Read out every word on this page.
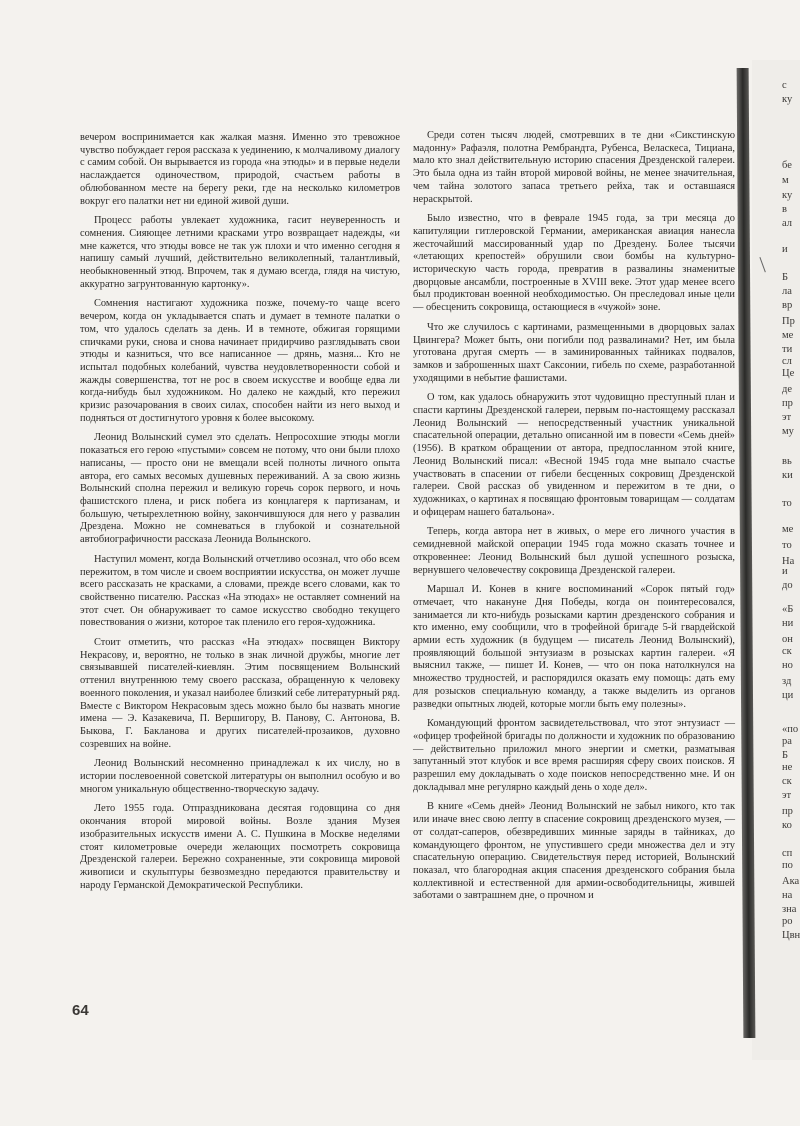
вечером воспринимается как жалкая мазня. Именно это тревожное чувство побуждает героя рассказа к уединению, к молчаливому диалогу с самим собой. Он вырывается из города «на этюды» и в первые недели наслаждается одиночеством, природой, счастьем работы в облюбованном месте на берегу реки, где на несколько километров вокруг его палатки нет ни единой живой души.

Процесс работы увлекает художника, гасит неуверенность и сомнения. Сияющее летними красками утро возвращает надежды, «и мне кажется, что этюды вовсе не так уж плохи и что именно сегодня я напишу самый лучший, действительно великолепный, талантливый, необыкновенный этюд. Впрочем, так я думаю всегда, глядя на чистую, аккуратно загрунтованную картонку».

Сомнения настигают художника позже, почему-то чаще всего вечером, когда он укладывается спать и думает в темноте палатки о том, что удалось сделать за день. И в темноте, обжигая горящими спичками руки, снова и снова начинает придирчиво разглядывать свои этюды и казниться, что все написанное — дрянь, мазня... Кто не испытал подобных колебаний, чувства неудовлетворенности собой и жажды совершенства, тот не рос в своем искусстве и вообще едва ли когда-нибудь был художником. Но далеко не каждый, кто пережил кризис разочарования в своих силах, способен найти из него выход и подняться от достигнутого уровня к более высокому.

Леонид Волынский сумел это сделать. Непросохшие этюды могли показаться его герою «пустыми» совсем не потому, что они были плохо написаны, — просто они не вмещали всей полноты личного опыта автора, его самых весомых душевных переживаний. А за свою жизнь Волынский сполна пережил и великую горечь сорок первого, и ночь фашистского плена, и риск побега из концлагеря к партизанам, и большую, четырехлетнюю войну, закончившуюся для него у развалин Дрездена. Можно не сомневаться в глубокой и сознательной автобиографичности рассказа Леонида Волынского.

Наступил момент, когда Волынский отчетливо осознал, что обо всем пережитом, в том числе и своем восприятии искусства, он может лучше всего рассказать не красками, а словами, прежде всего словами, как то свойственно писателю. Рассказ «На этюдах» не оставляет сомнений на этот счет. Он обнаруживает то самое искусство свободно текущего повествования о жизни, которое так пленило его героя-художника.

Стоит отметить, что рассказ «На этюдах» посвящен Виктору Некрасову, и, вероятно, не только в знак личной дружбы, многие лет связывавшей писателей-киевлян. Этим посвящением Волынский оттенил внутреннюю тему своего рассказа, обращенную к человеку военного поколения, и указал наиболее близкий себе литературный ряд. Вместе с Виктором Некрасовым здесь можно было бы назвать многие имена — Э. Казакевича, П. Вершигору, В. Панову, С. Антонова, В. Быкова, Г. Бакланова и других писателей-прозаиков, духовно созревших на войне.

Леонид Волынский несомненно принадлежал к их числу, но в истории послевоенной советской литературы он выполнил особую и во многом уникальную общественно-творческую задачу.

Лето 1955 года. Отпраздникована десятая годовщина со дня окончания второй мировой войны. Возле здания Музея изобразительных искусств имени А. С. Пушкина в Москве неделями стоят километровые очереди желающих посмотреть сокровища Дрезденской галереи. Бережно сохраненные, эти сокровища мировой живописи и скульптуры безвозмездно передаются правительству и народу Германской Демократической Республики.

Среди сотен тысяч людей, смотревших в те дни «Сикстинскую мадонну» Рафаэля, полотна Рембрандта, Рубенса, Веласкеса, Тициана, мало кто знал действительную историю спасения Дрезденской галереи. Это была одна из тайн второй мировой войны, не менее значительная, чем тайна золотого запаса третьего рейха, так и оставшаяся нераскрытой.

Было известно, что в феврале 1945 года, за три месяца до капитуляции гитлеровской Германии, американская авиация нанесла жесточайший массированный удар по Дрездену. Более тысячи «летающих крепостей» обрушили свои бомбы на культурно-историческую часть города, превратив в развалины знаменитые дворцовые ансамбли, построенные в XVIII веке. Этот удар менее всего был продиктован военной необходимостью. Он преследовал иные цели — обесценить сокровища, остающиеся в «чужой» зоне.

Что же случилось с картинами, размещенными в дворцовых залах Цвингера? Может быть, они погибли под развалинами? Нет, им была уготована другая смерть — в заминированных тайниках подвалов, замков и заброшенных шахт Саксонии, гибель по схеме, разработанной уходящими в небытие фашистами.

О том, как удалось обнаружить этот чудовищно преступный план и спасти картины Дрезденской галереи, первым по-настоящему рассказал Леонид Волынский — непосредственный участник уникальной спасательной операции, детально описанной им в повести «Семь дней» (1956). В кратком обращении от автора, предпосланном этой книге, Леонид Волынский писал: «Весной 1945 года мне выпало счастье участвовать в спасении от гибели бесценных сокровищ Дрезденской галереи. Свой рассказ об увиденном и пережитом в те дни, о художниках, о картинах я посвящаю фронтовым товарищам — солдатам и офицерам нашего батальона».

Теперь, когда автора нет в живых, о мере его личного участия в семидневной майской операции 1945 года можно сказать точнее и откровеннее: Леонид Волынский был душой успешного розыска, вернувшего человечеству сокровища Дрезденской галереи.

Маршал И. Конев в книге воспоминаний «Сорок пятый год» отмечает, что накануне Дня Победы, когда он поинтересовался, занимается ли кто-нибудь розысками картин дрезденского собрания и кто именно, ему сообщили, что в трофейной бригаде 5-й гвардейской армии есть художник (в будущем — писатель Леонид Волынский), проявляющий большой энтузиазм в розысках картин галереи. «Я выяснил также, — пишет И. Конев, — что он пока натолкнулся на множество трудностей, и распорядился оказать ему помощь: дать ему для розысков специальную команду, а также выделить из органов разведки опытных людей, которые могли быть ему полезны».

Командующий фронтом засвидетельствовал, что этот энтузиаст — «офицер трофейной бригады по должности и художник по образованию — действительно приложил много энергии и сметки, разматывая запутанный этот клубок и все время расширяя сферу своих поисков. Я разрешил ему докладывать о ходе поисков непосредственно мне. И он докладывал мне регулярно каждый день о ходе дел».

В книге «Семь дней» Леонид Волынский не забыл никого, кто так или иначе внес свою лепту в спасение сокровищ дрезденского музея, — от солдат-саперов, обезвредивших минные заряды в тайниках, до командующего фронтом, не упустившего среди множества дел и эту спасательную операцию. Свидетельствуя перед историей, Волынский показал, что благородная акция спасения дрезденского собрания была коллективной и естественной для армии-освободительницы, жившей заботами о завтрашнем дне, о прочном и

64
с
ку
бе
м
ку
в
ал
и
Б
ла
вр
Пр
ме
ти
сл
Це
де
пр
эт
му
вь
ки
то
ме
то
На
и
до
«Б
ни
он
ск
но
зд
ци
«по
ра
Б
не
ск
эт
пр
ко
сп
по
Ака
на
зна
ро
Цвн
